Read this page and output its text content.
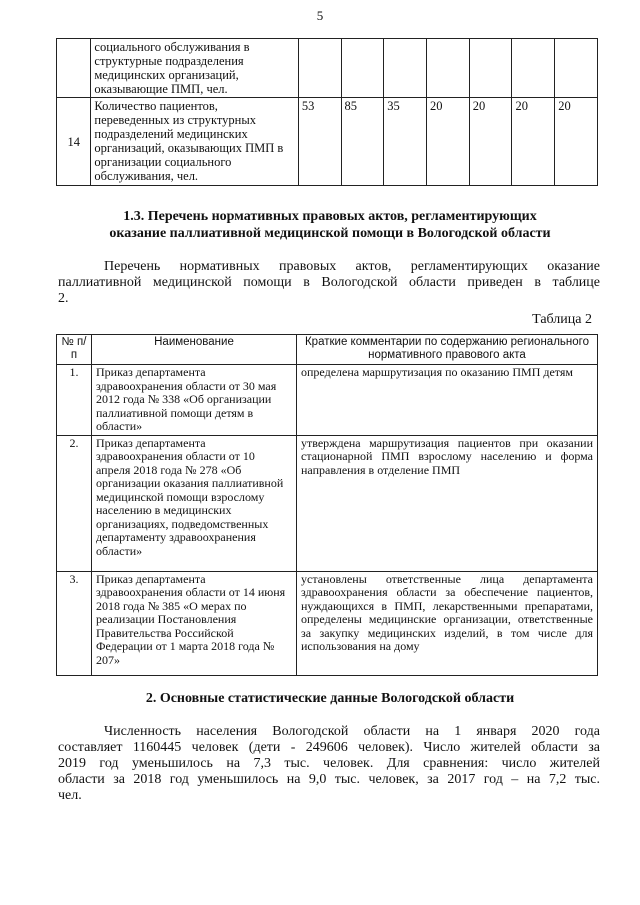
5
	социального обслуживания в структурные подразделения медицинских организаций, оказывающие ПМП, чел.							
14	Количество пациентов, переведенных из структурных подразделений медицинских организаций, оказывающих ПМП в организации социального обслуживания, чел.	53	85	35	20	20	20	20
1.3. Перечень нормативных правовых актов, регламентирующих
оказание паллиативной медицинской помощи в Вологодской области
Перечень нормативных правовых актов, регламентирующих оказание
паллиативной медицинской помощи в Вологодской области приведен в таблице
2.
Таблица 2
№ п/п	Наименование	Краткие комментарии по содержанию регионального нормативного правового акта
1.	Приказ департамента здравоохранения области от 30 мая 2012 года № 338 «Об организации паллиативной помощи детям в области»	определена маршрутизация по оказанию ПМП детям
2.	Приказ департамента здравоохранения области от 10 апреля 2018 года № 278 «Об организации оказания паллиативной медицинской помощи взрослому населению в медицинских организациях, подведомственных департаменту здравоохранения области»	утверждена маршрутизация пациентов при оказании стационарной ПМП взрослому населению и форма направления в отделение ПМП
3.	Приказ департамента здравоохранения области от 14 июня 2018 года № 385 «О мерах по реализации Постановления Правительства Российской Федерации от 1 марта 2018 года № 207»	установлены ответственные лица департамента здравоохранения области за обеспечение пациентов, нуждающихся в ПМП, лекарственными препаратами, определены медицинские организации, ответственные за закупку медицинских изделий, в том числе для использования на дому
2. Основные статистические данные Вологодской области
Численность населения Вологодской области на 1 января 2020 года
составляет 1160445 человек (дети - 249606 человек). Число жителей области за
2019 год уменьшилось на 7,3 тыс. человек. Для сравнения: число жителей
области за 2018 год уменьшилось на 9,0 тыс. человек, за 2017 год – на 7,2 тыс.
чел.
